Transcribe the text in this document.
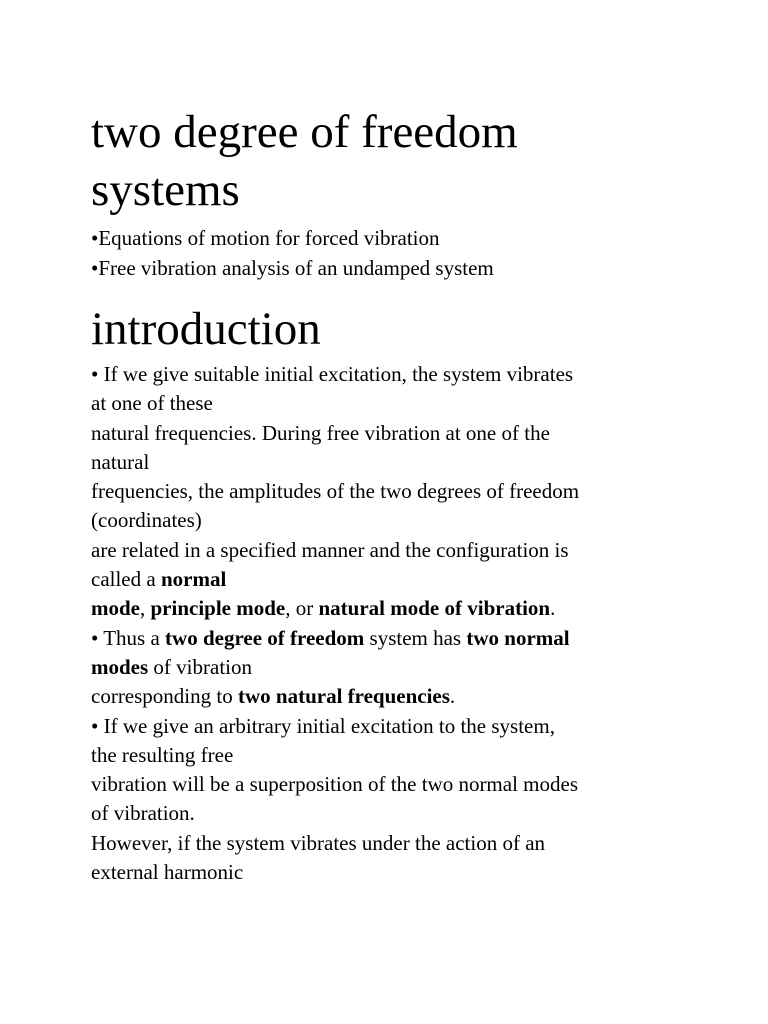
two degree of freedom
systems
•Equations of motion for forced vibration
•Free vibration analysis of an undamped system
introduction
• If we give suitable initial excitation, the system vibrates
at one of these
natural frequencies. During free vibration at one of the
natural
frequencies, the amplitudes of the two degrees of freedom
(coordinates)
are related in a specified manner and the configuration is
called a normal
mode, principle mode, or natural mode of vibration.
• Thus a two degree of freedom system has two normal
modes of vibration
corresponding to two natural frequencies.
• If we give an arbitrary initial excitation to the system,
the resulting free
vibration will be a superposition of the two normal modes
of vibration.
However, if the system vibrates under the action of an
external harmonic
